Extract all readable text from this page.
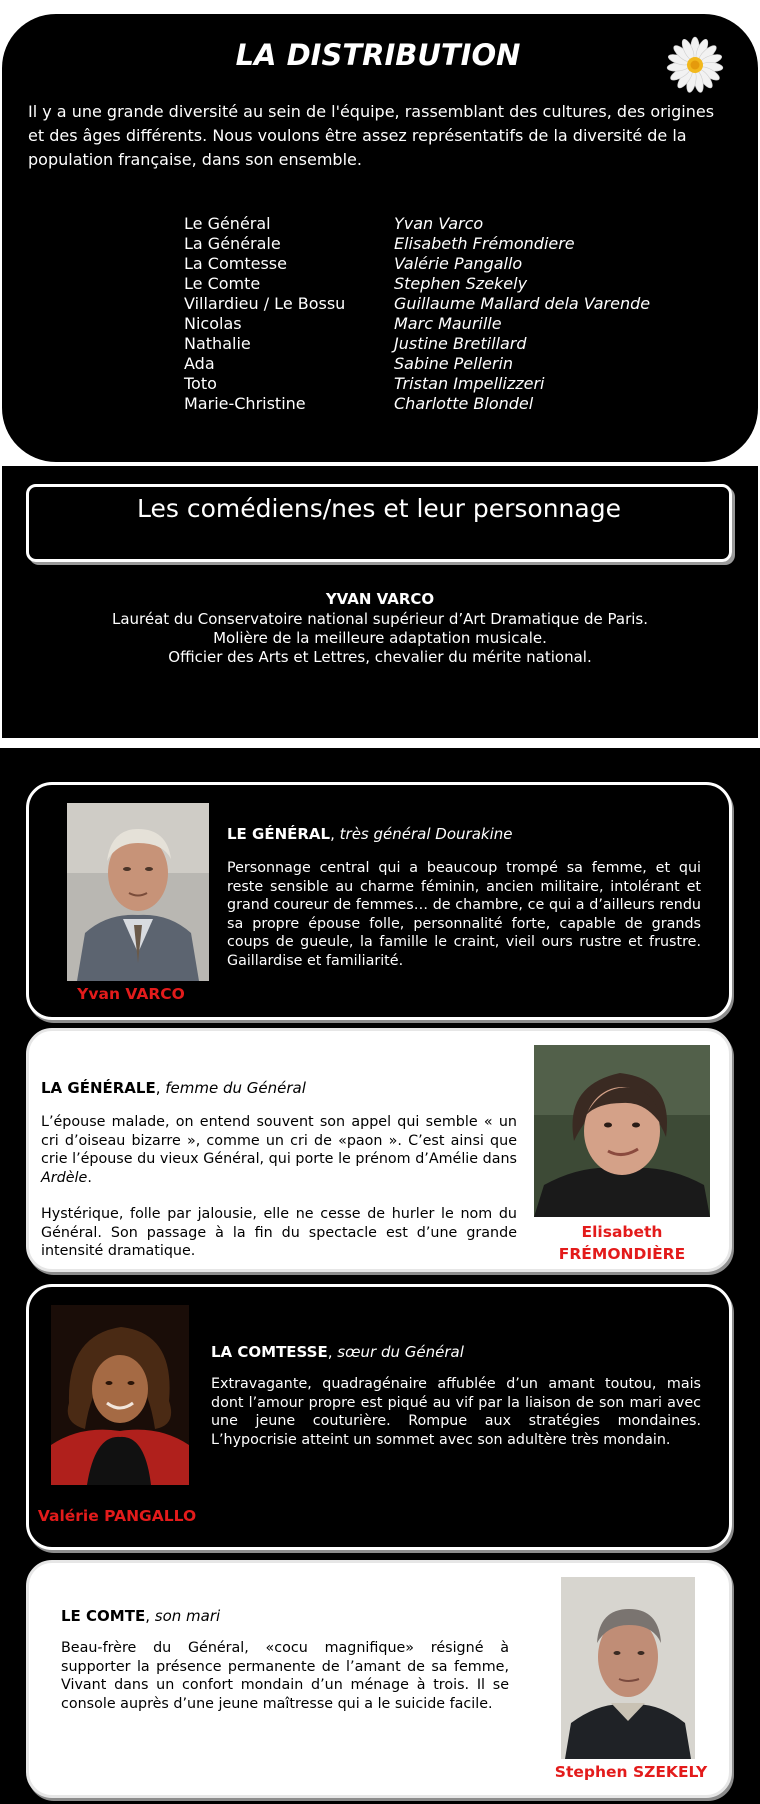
LA DISTRIBUTION
Il y a une grande diversité au sein de l'équipe, rassemblant des cultures, des origines et des âges différents. Nous voulons être assez représentatifs de la diversité de la population française, dans son ensemble.
Le Général	Yvan Varco
La Générale	Elisabeth Frémondiere
La Comtesse	Valérie Pangallo
Le Comte	Stephen Szekely
Villardieu / Le Bossu	Guillaume Mallard dela Varende
Nicolas	Marc Maurille
Nathalie	Justine Bretillard
Ada	Sabine Pellerin
Toto	Tristan Impellizzeri
Marie-Christine	Charlotte Blondel
Les comédiens/nes et leur personnage
YVAN VARCO
Lauréat du Conservatoire national supérieur d’Art Dramatique de Paris.
Molière de la meilleure adaptation musicale.
Officier des Arts et Lettres, chevalier du mérite national.
LE GÉNÉRAL, très général Dourakine
Personnage central qui a beaucoup trompé sa femme, et qui reste sensible au charme féminin, ancien militaire, intolérant et grand coureur de femmes… de chambre, ce qui a d’ailleurs rendu sa propre épouse folle, personnalité forte, capable de grands coups de gueule, la famille le craint, vieil ours rustre et frustre. Gaillardise et familiarité.
Yvan VARCO
LA GÉNÉRALE, femme du Général
L’épouse malade, on entend souvent son appel qui semble « un cri d’oiseau bizarre », comme un cri de «paon ». C’est ainsi que crie l’épouse du vieux Général, qui porte le prénom d’Amélie dans Ardèle.
Hystérique, folle par jalousie, elle ne cesse de hurler le nom du Général. Son passage à la fin du spectacle est d’une grande intensité dramatique.
Elisabeth
FRÉMONDIÈRE
LA COMTESSE, sœur du Général
Extravagante, quadragénaire affublée d’un amant toutou, mais dont l’amour propre est piqué au vif par la liaison de son mari avec une jeune couturière. Rompue aux stratégies mondaines. L’hypocrisie atteint un sommet avec son adultère très mondain.
Valérie PANGALLO
LE COMTE, son mari
Beau-frère du Général, «cocu magnifique» résigné à supporter la présence permanente de l’amant de sa femme, Vivant dans un confort mondain d’un ménage à trois. Il se console auprès d’une jeune maîtresse qui a le suicide facile.
Stephen SZEKELY
